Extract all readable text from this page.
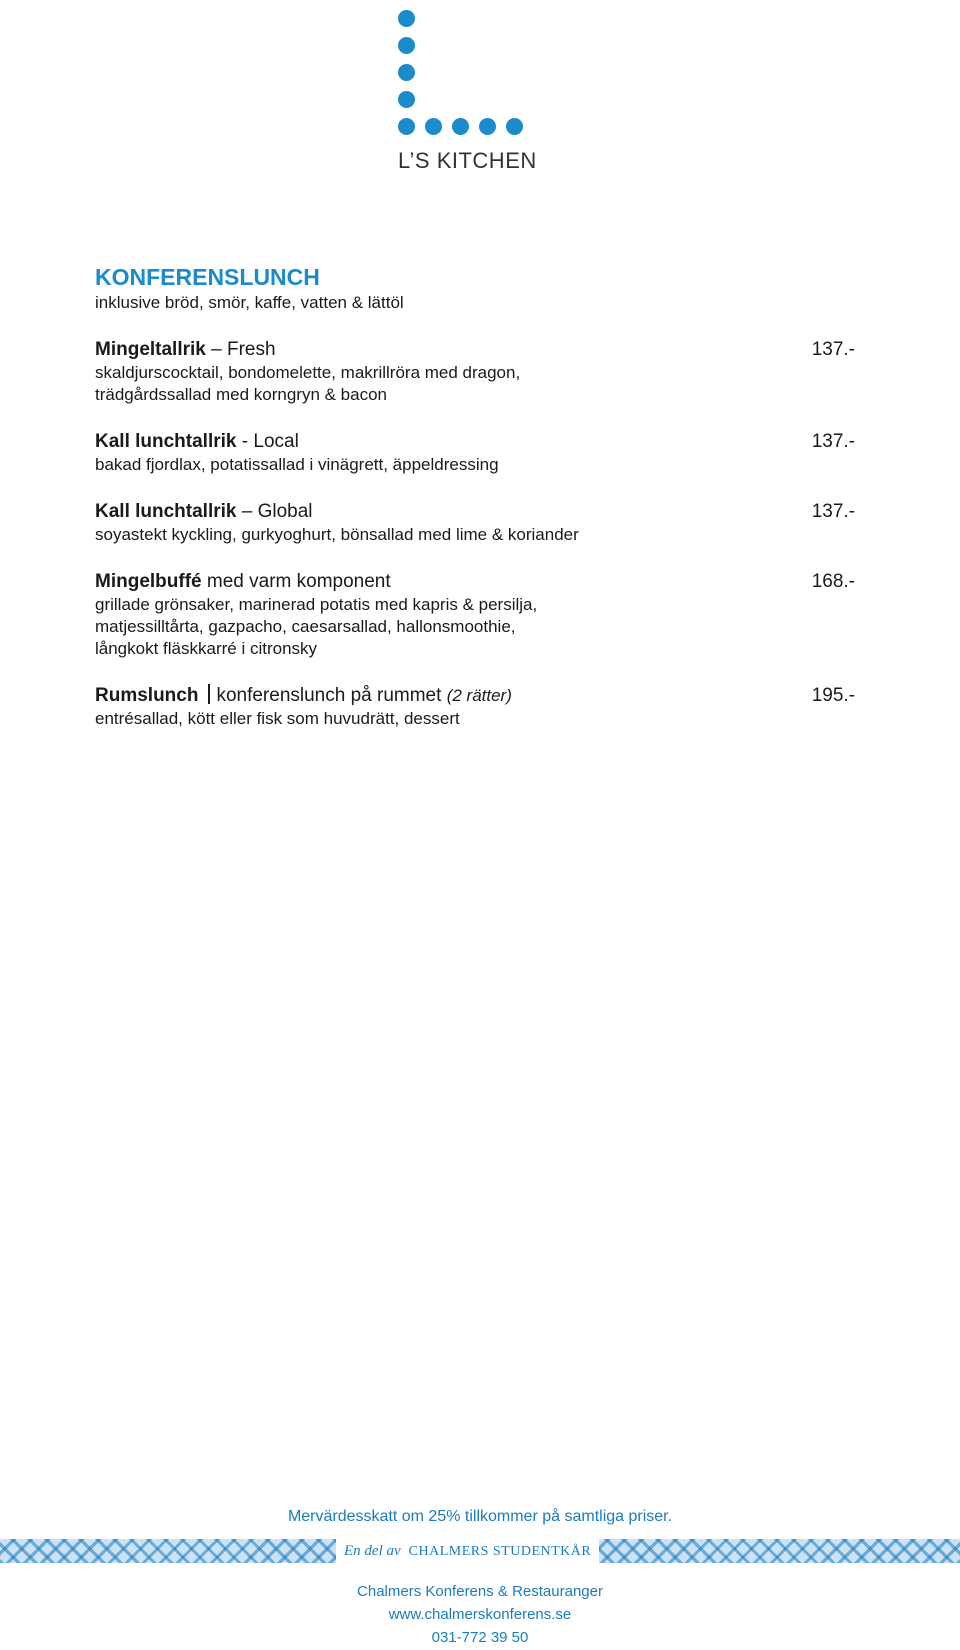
L’S KITCHEN
KONFERENSLUNCH

inklusive bröd, smör, kaffe, vatten & lättöl

Mingeltallrik – Fresh	137.-
skaldjurscocktail, bondomelette, makrillröra med dragon,
trädgårdssallad med korngryn & bacon
Kall lunchtallrik - Local	137.-
bakad fjordlax, potatissallad i vinägrett, äppeldressing
Kall lunchtallrik – Global	137.-
soyastekt kyckling, gurkyoghurt, bönsallad med lime & koriander
Mingelbuffé med varm komponent	168.-
grillade grönsaker, marinerad potatis med kapris & persilja,
matjessilltårta, gazpacho, caesarsallad, hallonsmoothie,
långkokt fläskkarré i citronsky
Rumslunch konferenslunch på rummet (2 rätter)	195.-
entrésallad, kött eller fisk som huvudrätt, dessert
Mervärdesskatt om 25% tillkommer på samtliga priser.
En del av CHALMERS STUDENTKÅR
Chalmers Konferens & Restauranger
www.chalmerskonferens.se
031-772 39 50
